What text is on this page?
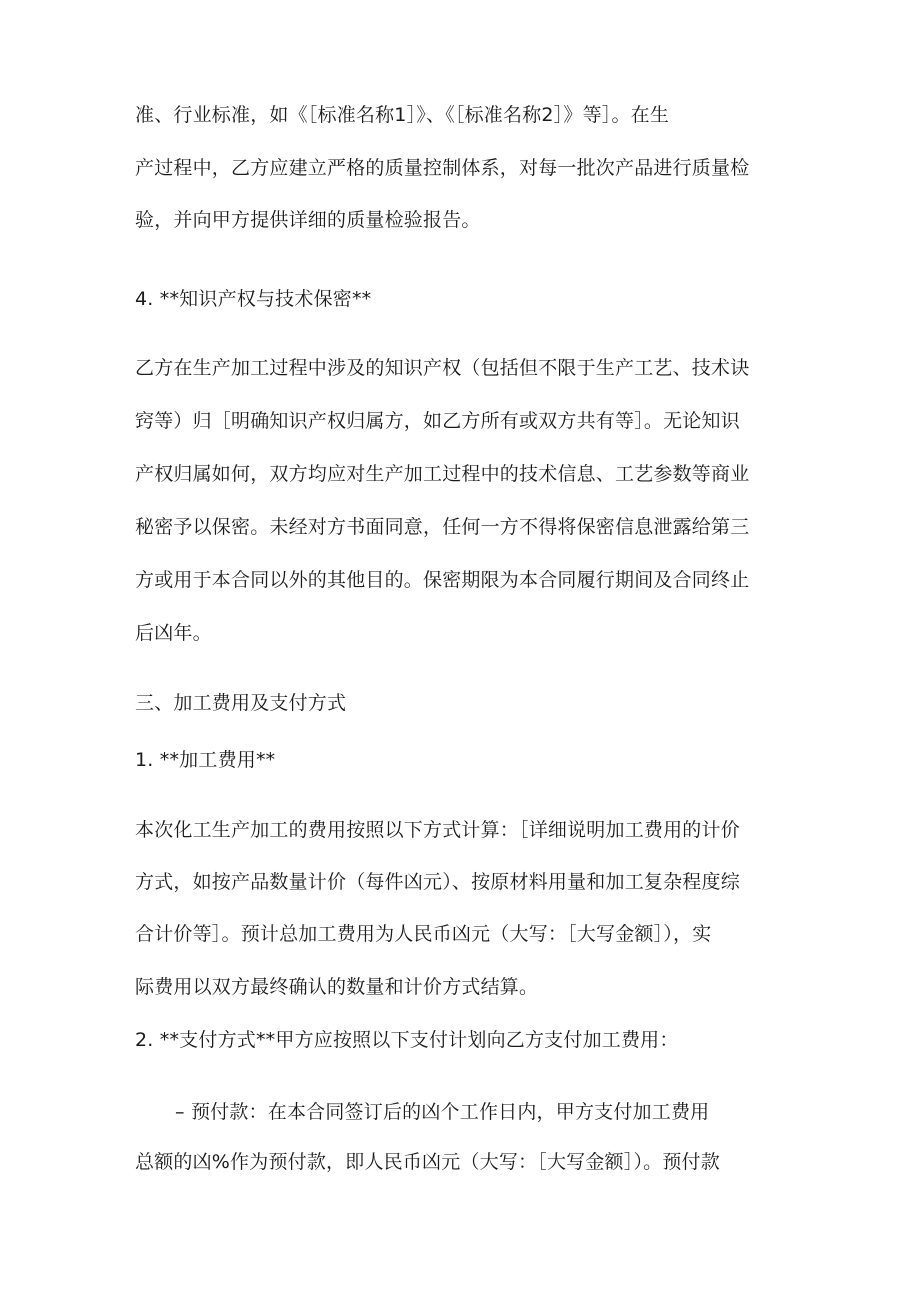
准、行业标准，如《［标准名称1］》、《［标准名称2］》等］。在生
产过程中，乙方应建立严格的质量控制体系，对每一批次产品进行质量检
验，并向甲方提供详细的质量检验报告。
4. **知识产权与技术保密**
乙方在生产加工过程中涉及的知识产权（包括但不限于生产工艺、技术诀
窍等）归［明确知识产权归属方，如乙方所有或双方共有等］。无论知识
产权归属如何，双方均应对生产加工过程中的技术信息、工艺参数等商业
秘密予以保密。未经对方书面同意，任何一方不得将保密信息泄露给第三
方或用于本合同以外的其他目的。保密期限为本合同履行期间及合同终止
后凶年。
三、加工费用及支付方式
1. **加工费用**
本次化工生产加工的费用按照以下方式计算：［详细说明加工费用的计价
方式，如按产品数量计价（每件凶元）、按原材料用量和加工复杂程度综
合计价等］。预计总加工费用为人民币凶元（大写：［大写金额］），实
际费用以双方最终确认的数量和计价方式结算。
2. **支付方式**甲方应按照以下支付计划向乙方支付加工费用：
– 预付款：在本合同签订后的凶个工作日内，甲方支付加工费用
总额的凶%作为预付款，即人民币凶元（大写：［大写金额］）。预付款
